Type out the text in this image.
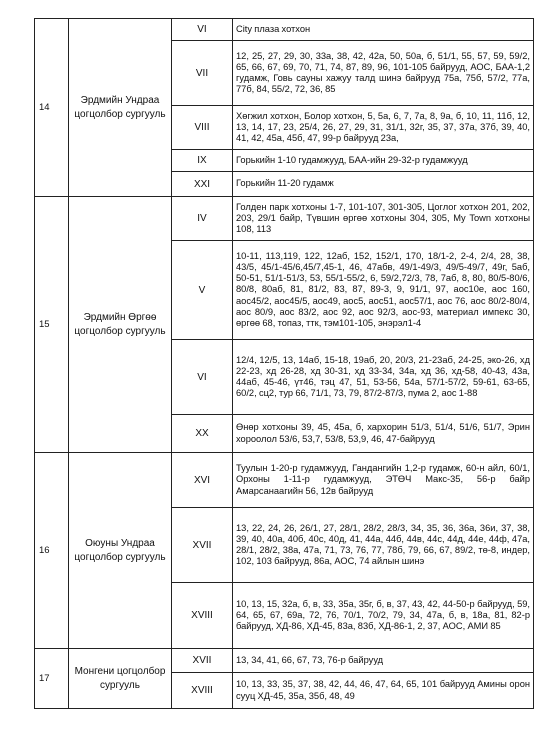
14	Эрдмийн Ундраа цогцолбор сургууль	VI	City плаза хотхон

		VII	12, 25, 27, 29, 30, 33а, 38, 42, 42а, 50, 50а, б, 51/1, 55, 57, 59, 59/2, 65, 66, 67, 69, 70, 71, 74, 87, 89, 96, 101-105 байрууд, АОС, БАА-1,2 гудамж, Говь сауны хажуу талд шинэ байрууд 75а, 75б, 57/2, 77а, 77б, 84, 55/2, 72, 36, 85

		VIII	Хөгжил хотхон, Болор хотхон, 5, 5а, 6, 7, 7а, 8, 9а, б, 10, 11, 11б, 12, 13, 14, 17, 23, 25/4, 26, 27, 29, 31, 31/1, 32г, 35, 37, 37а, 37б, 39, 40, 41, 42, 45а, 45б, 47, 99-р байрууд 23а,

		IX	Горькийн 1-10 гудамжууд, БАА-ийн 29-32-р гудамжууд

		XXI	Горькийн 11-20 гудамж

15	Эрдмийн Өргөө цогцолбор сургууль	IV	Голден парк хотхоны 1-7, 101-107, 301-305, Цоглог хотхон 201, 202, 203, 29/1 байр, Түвшин өргөө хотхоны 304, 305, Му Town хотхоны 108, 113

		V	10-11, 113,119, 122, 12аб, 152, 152/1, 170, 18/1-2, 2-4, 2/4, 28, 38, 43/5, 45/1-45/6,45/7,45-1, 46, 47абв, 49/1-49/3, 49/5-49/7, 49г, 5аб, 50-51, 51/1-51/3, 53, 55/1-55/2, 6, 59/2,72/3, 78, 7аб, 8, 80, 80/5-80/6, 80/8, 80аб, 81, 81/2, 83, 87, 89-3, 9, 91/1, 97, аос10е, аос 160, аос45/2, аос45/5, аос49, аос5, аос51, аос57/1, аос 76, аос 80/2-80/4, аос 80/9, аос 83/2, аос 92, аос 92/3, аос-93, материал импекс 30, өргөө 68, топаз, ттк, тэм101-105, энэрэл1-4

		VI	12/4, 12/5, 13, 14аб, 15-18, 19аб, 20, 20/3, 21-23аб, 24-25, эко-26, хд 22-23, хд 26-28, хд 30-31, хд 33-34, 34а, хд 36, хд-58, 40-43, 43а, 44аб, 45-46, үт46, тэц 47, 51, 53-56, 54а, 57/1-57/2, 59-61, 63-65, 60/2, сц2, тур 66, 71/1, 73, 79, 87/2-87/3, пума 2, аос 1-88

		XX	Өнөр хотхоны 39, 45, 45а, б, хархорин 51/3, 51/4, 51/6, 51/7, Эрин хороолол 53/6, 53,7, 53/8, 53,9, 46, 47-байрууд

16	Оюуны Ундраа цогцолбор сургууль	XVI	Туулын 1-20-р гудамжууд, Гандангийн 1,2-р гудамж, 60-н айл, 60/1, Орхоны 1-11-р гудамжууд, ЭТӨЧ Макс-35, 56-р байр Амарсанаагийн 56, 12в байрууд

		XVII	13, 22, 24, 26, 26/1, 27, 28/1, 28/2, 28/3, 34, 35, 36, 36а, 36и, 37, 38, 39, 40, 40а, 40б, 40с, 40д, 41, 44а, 44б, 44в, 44с, 44д, 44е, 44ф, 47а, 28/1, 28/2, 38а, 47а, 71, 73, 76, 77, 78б, 79, 66, 67, 89/2, тө-8, индер, 102, 103 байрууд, 86а, АОС, 74 айлын шинэ

		XVIII	10, 13, 15, 32а, б, в, 33, 35а, 35г, б, в, 37, 43, 42, 44-50-р байрууд, 59, 64, 65, 67, 69а, 72, 76, 70/1, 70/2, 79, 34, 47а, б, в, 18а, 81, 82-р байрууд, ХД-86, ХД-45, 83а, 83б, ХД-86-1, 2, 37, АОС, АМИ 85

17	Монгени цогцолбор сургууль	XVII	13, 34, 41, 66, 67, 73, 76-р байрууд

		XVIII	10, 13, 33, 35, 37, 38, 42, 44, 46, 47, 64, 65, 101 байрууд Амины орон сууц ХД-45, 35а, 35б, 48, 49
